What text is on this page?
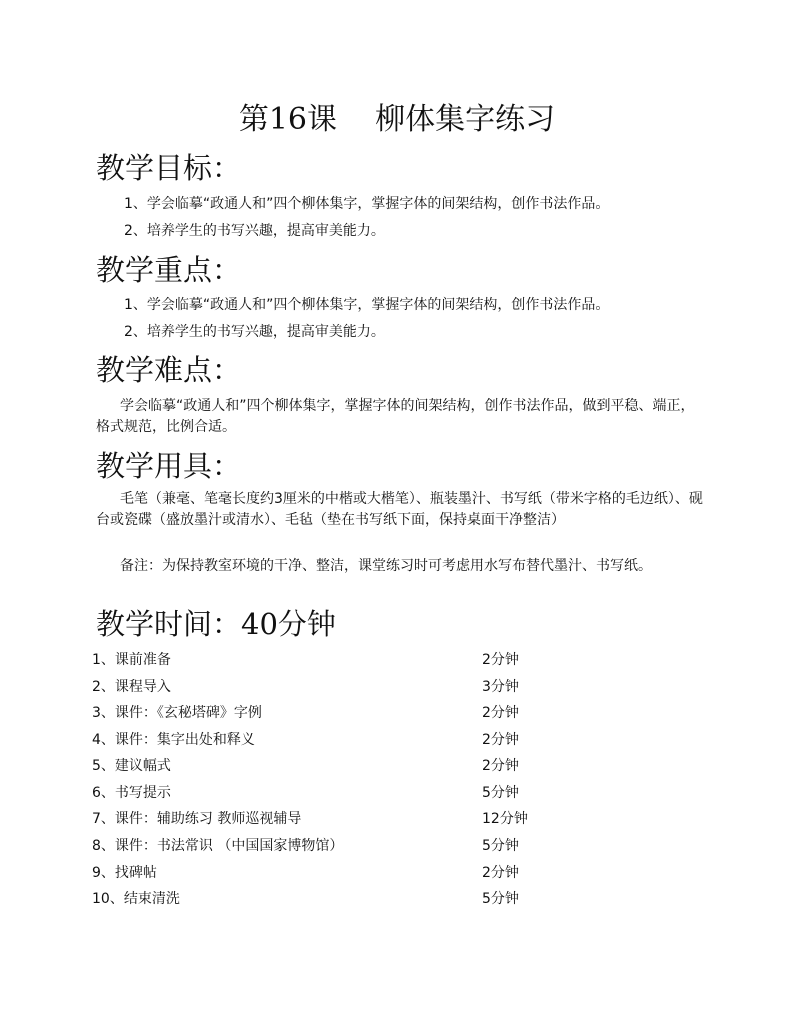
第16课    柳体集字练习
教学目标：
1、学会临摹“政通人和”四个柳体集字，掌握字体的间架结构，创作书法作品。
2、培养学生的书写兴趣，提高审美能力。
教学重点：
1、学会临摹“政通人和”四个柳体集字，掌握字体的间架结构，创作书法作品。
2、培养学生的书写兴趣，提高审美能力。
教学难点：
学会临摹“政通人和”四个柳体集字，掌握字体的间架结构，创作书法作品，做到平稳、端正，格式规范，比例合适。
教学用具：
毛笔（兼毫、笔毫长度约3厘米的中楷或大楷笔）、瓶装墨汁、书写纸（带米字格的毛边纸）、砚台或瓷碟（盛放墨汁或清水）、毛毡（垫在书写纸下面，保持桌面干净整洁）
备注：为保持教室环境的干净、整洁，课堂练习时可考虑用水写布替代墨汁、书写纸。
教学时间：40分钟
1、课前准备	2分钟
2、课程导入	3分钟
3、课件：《玄秘塔碑》字例	2分钟
4、课件：集字出处和释义	2分钟
5、建议幅式	2分钟
6、书写提示	5分钟
7、课件：辅助练习 教师巡视辅导	12分钟
8、课件：书法常识 （中国国家博物馆）	5分钟
9、找碑帖	2分钟
10、结束清洗	5分钟
